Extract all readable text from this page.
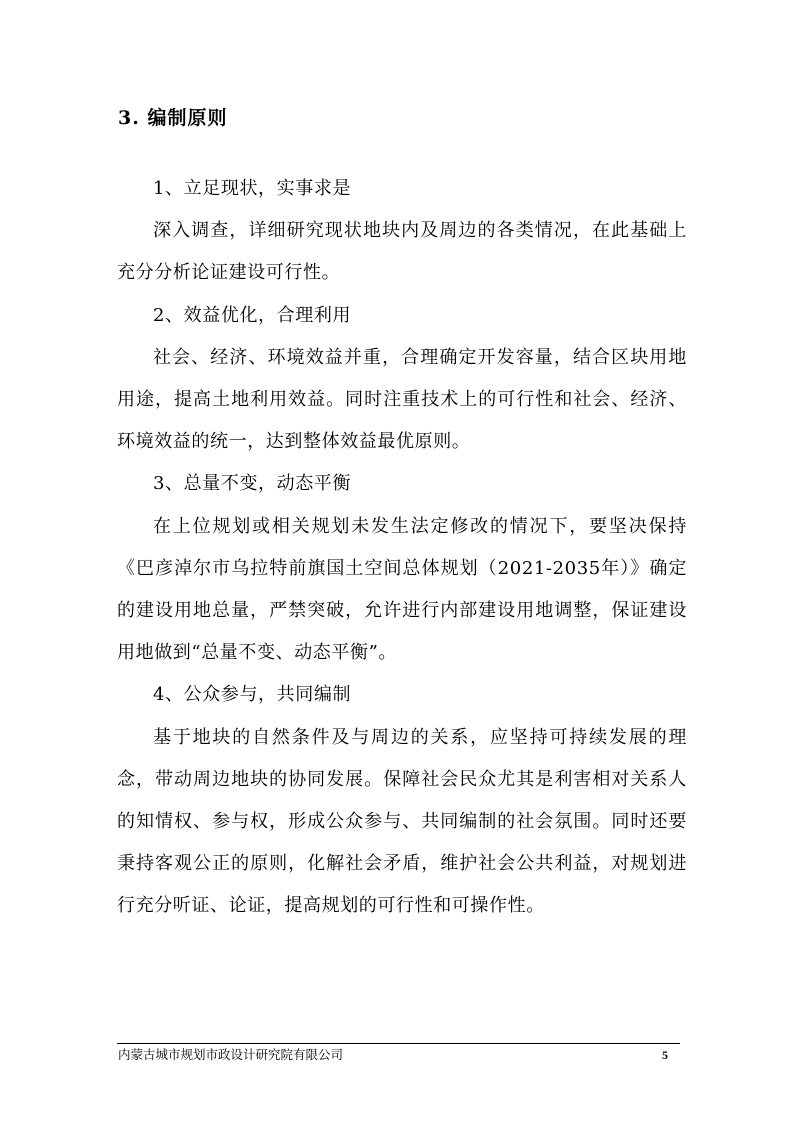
3. 编制原则

1、立足现状，实事求是

深入调查，详细研究现状地块内及周边的各类情况，在此基础上充分分析论证建设可行性。

2、效益优化，合理利用

社会、经济、环境效益并重，合理确定开发容量，结合区块用地用途，提高土地利用效益。同时注重技术上的可行性和社会、经济、环境效益的统一，达到整体效益最优原则。

3、总量不变，动态平衡

在上位规划或相关规划未发生法定修改的情况下，要坚决保持《巴彦淖尔市乌拉特前旗国土空间总体规划（2021-2035年）》确定的建设用地总量，严禁突破，允许进行内部建设用地调整，保证建设用地做到“总量不变、动态平衡”。

4、公众参与，共同编制

基于地块的自然条件及与周边的关系，应坚持可持续发展的理念，带动周边地块的协同发展。保障社会民众尤其是利害相对关系人的知情权、参与权，形成公众参与、共同编制的社会氛围。同时还要秉持客观公正的原则，化解社会矛盾，维护社会公共利益，对规划进行充分听证、论证，提高规划的可行性和可操作性。

内蒙古城市规划市政设计研究院有限公司	5
